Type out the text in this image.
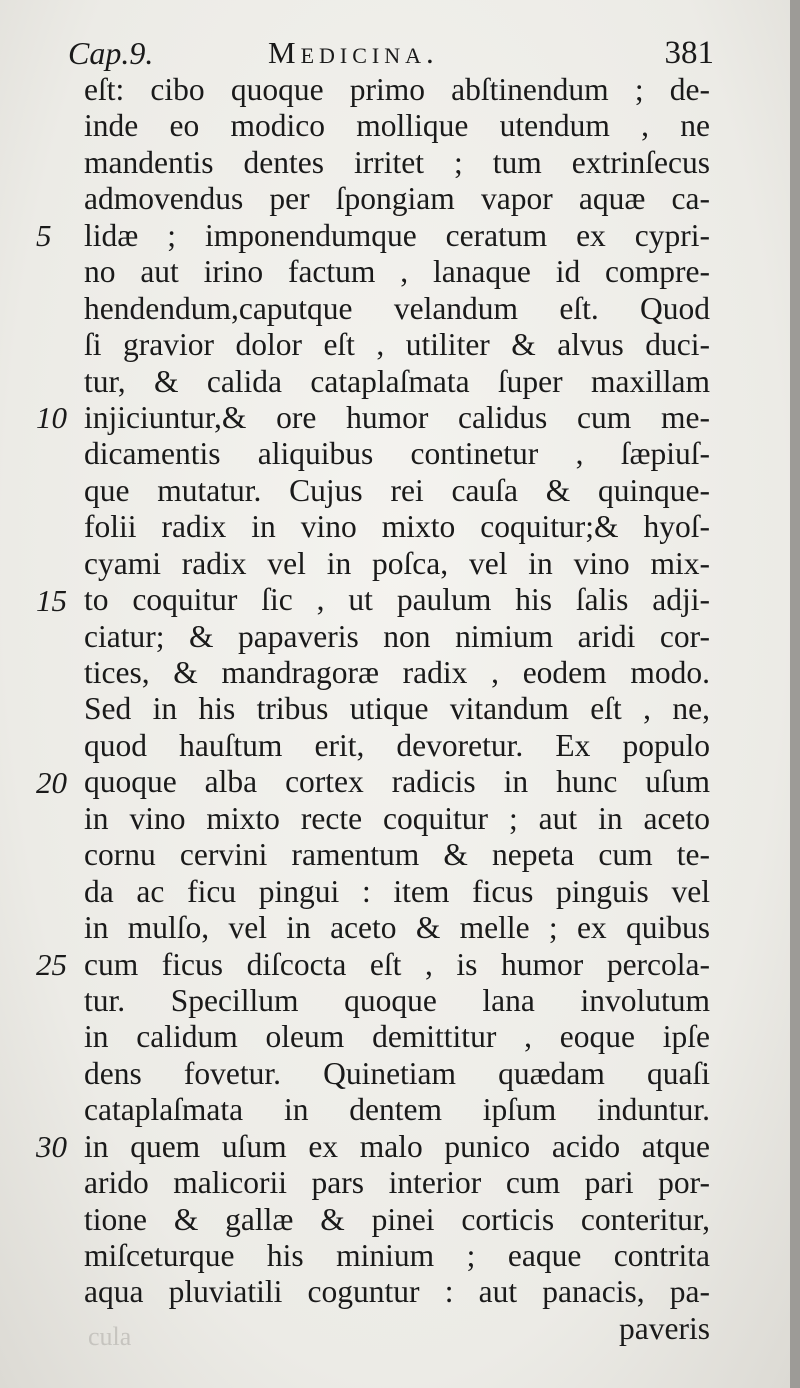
Cap.9.	Medicina.	381
5
10
15
20
25
30
eſt: cibo quoque primo abſtinendum ; de-
inde eo modico mollique utendum , ne
mandentis dentes irritet ; tum extrinſecus
admovendus per ſpongiam vapor aquæ ca-
lidæ ; imponendumque ceratum ex cypri-
no aut irino factum , lanaque id compre-
hendendum,caputque velandum eſt. Quod
ſi gravior dolor eſt , utiliter & alvus duci-
tur, & calida cataplaſmata ſuper maxillam
injiciuntur,& ore humor calidus cum me-
dicamentis aliquibus continetur , ſæpiuſ-
que mutatur. Cujus rei cauſa & quinque-
folii radix in vino mixto coquitur;& hyoſ-
cyami radix vel in poſca, vel in vino mix-
to coquitur ſic , ut paulum his ſalis adji-
ciatur; & papaveris non nimium aridi cor-
tices, & mandragoræ radix , eodem modo.
Sed in his tribus utique vitandum eſt , ne,
quod hauſtum erit, devoretur. Ex populo
quoque alba cortex radicis in hunc uſum
in vino mixto recte coquitur ; aut in aceto
cornu cervini ramentum & nepeta cum te-
da ac ficu pingui : item ficus pinguis vel
in mulſo, vel in aceto & melle ; ex quibus
cum ficus diſcocta eſt , is humor percola-
tur. Specillum quoque lana involutum
in calidum oleum demittitur , eoque ipſe
dens fovetur. Quinetiam quædam quaſi
cataplaſmata in dentem ipſum induntur.
in quem uſum ex malo punico acido atque
arido malicorii pars interior cum pari por-
tione & gallæ & pinei corticis conteritur,
miſceturque his minium ; eaque contrita
aqua pluviatili coguntur : aut panacis, pa-
paveris
cula
